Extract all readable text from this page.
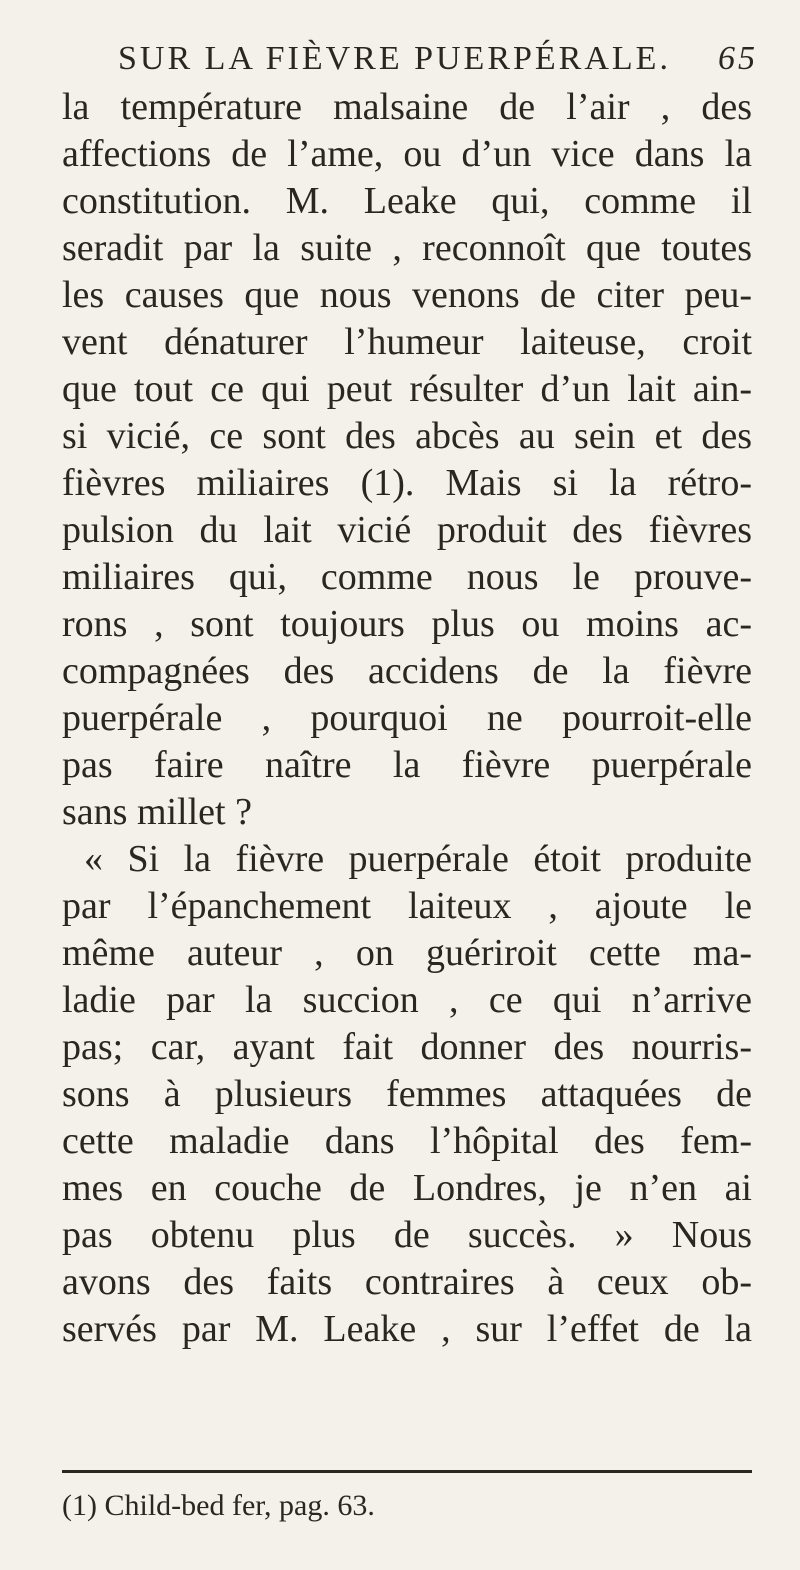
SUR LA FIÈVRE PUERPÉRALE. 65
la température malsaine de l’air , des
affections de l’ame, ou d’un vice dans la
constitution. M. Leake qui, comme il
seradit par la suite , reconnoît que toutes
les causes que nous venons de citer peu-
vent dénaturer l’humeur laiteuse, croit
que tout ce qui peut résulter d’un lait ain-
si vicié, ce sont des abcès au sein et des
fièvres miliaires (1). Mais si la rétro-
pulsion du lait vicié produit des fièvres
miliaires qui, comme nous le prouve-
rons , sont toujours plus ou moins ac-
compagnées des accidens de la fièvre
puerpérale , pourquoi ne pourroit-elle
pas faire naître la fièvre puerpérale
sans millet ?
« Si la fièvre puerpérale étoit produite
par l’épanchement laiteux , ajoute le
même auteur , on guériroit cette ma-
ladie par la succion , ce qui n’arrive
pas; car, ayant fait donner des nourris-
sons à plusieurs femmes attaquées de
cette maladie dans l’hôpital des fem-
mes en couche de Londres, je n’en ai
pas obtenu plus de succès. » Nous
avons des faits contraires à ceux ob-
servés par M. Leake , sur l’effet de la
(1) Child-bed fer, pag. 63.
